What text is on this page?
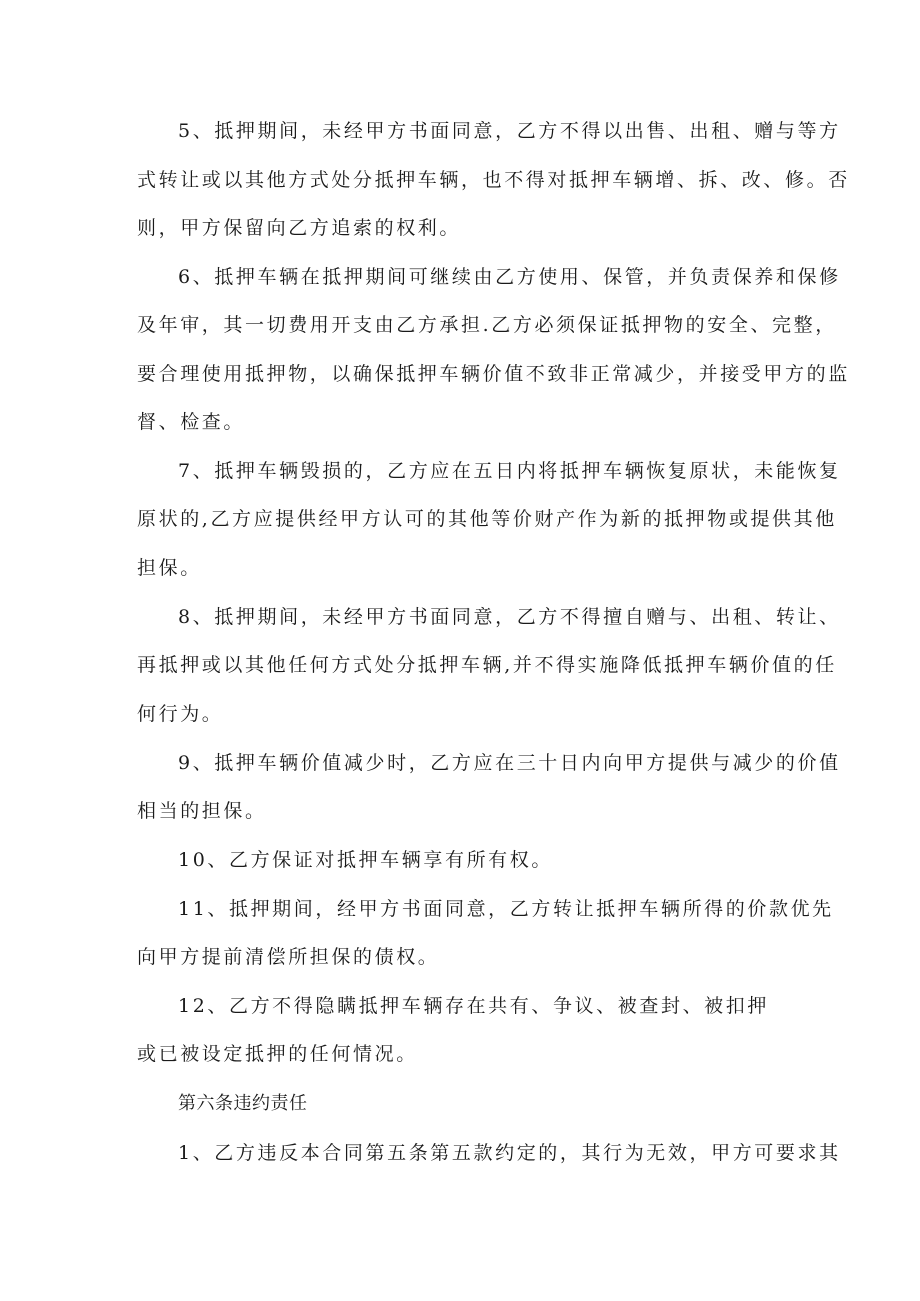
5、抵押期间，未经甲方书面同意，乙方不得以出售、出租、赠与等方
式转让或以其他方式处分抵押车辆，也不得对抵押车辆增、拆、改、修。否
则，甲方保留向乙方追索的权利。
6、抵押车辆在抵押期间可继续由乙方使用、保管，并负责保养和保修
及年审，其一切费用开支由乙方承担.乙方必须保证抵押物的安全、完整，
要合理使用抵押物，以确保抵押车辆价值不致非正常减少，并接受甲方的监
督、检查。
7、抵押车辆毁损的，乙方应在五日内将抵押车辆恢复原状，未能恢复
原状的,乙方应提供经甲方认可的其他等价财产作为新的抵押物或提供其他
担保。
8、抵押期间，未经甲方书面同意，乙方不得擅自赠与、出租、转让、
再抵押或以其他任何方式处分抵押车辆,并不得实施降低抵押车辆价值的任
何行为。
9、抵押车辆价值减少时，乙方应在三十日内向甲方提供与减少的价值
相当的担保。
10、乙方保证对抵押车辆享有所有权。
11、抵押期间，经甲方书面同意，乙方转让抵押车辆所得的价款优先
向甲方提前清偿所担保的债权。
12、乙方不得隐瞒抵押车辆存在共有、争议、被查封、被扣押
或已被设定抵押的任何情况。
第六条违约责任
1、乙方违反本合同第五条第五款约定的，其行为无效，甲方可要求其
